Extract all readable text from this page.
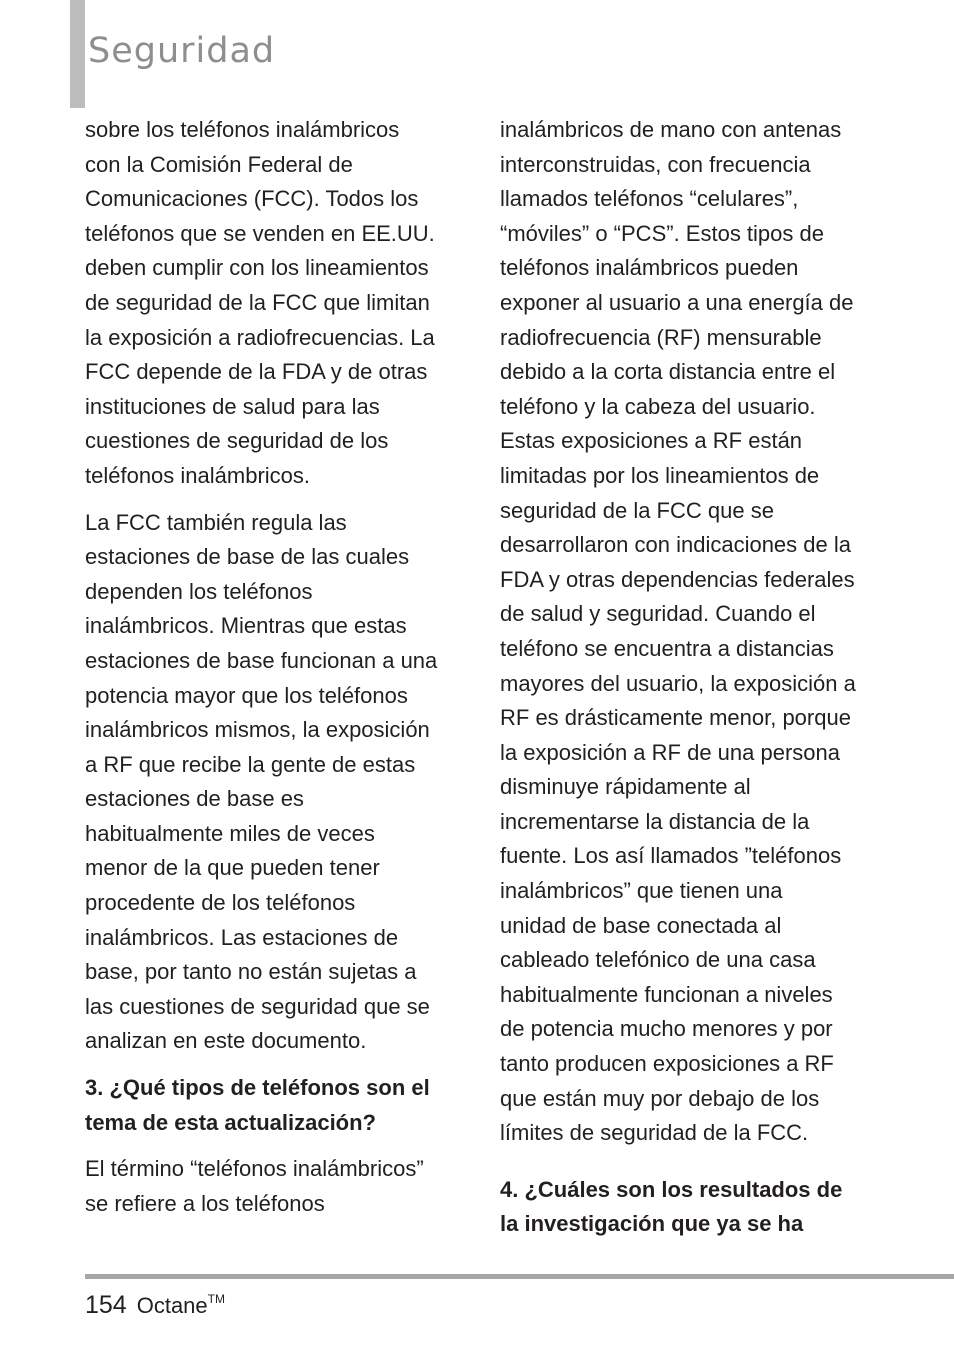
Seguridad
sobre los teléfonos inalámbricos
con la Comisión Federal de
Comunicaciones (FCC). Todos los
teléfonos que se venden en EE.UU.
deben cumplir con los lineamientos
de seguridad de la FCC que limitan
la exposición a radiofrecuencias. La
FCC depende de la FDA y de otras
instituciones de salud para las
cuestiones de seguridad de los
teléfonos inalámbricos.
La FCC también regula las
estaciones de base de las cuales
dependen los teléfonos
inalámbricos. Mientras que estas
estaciones de base funcionan a una
potencia mayor que los teléfonos
inalámbricos mismos, la exposición
a RF que recibe la gente de estas
estaciones de base es
habitualmente miles de veces
menor de la que pueden tener
procedente de los teléfonos
inalámbricos. Las estaciones de
base, por tanto no están sujetas a
las cuestiones de seguridad que se
analizan en este documento.
3. ¿Qué tipos de teléfonos son el
tema de esta actualización?
El término “teléfonos inalámbricos”
se refiere a los teléfonos
inalámbricos de mano con antenas
interconstruidas, con frecuencia
llamados teléfonos “celulares”,
“móviles” o “PCS”. Estos tipos de
teléfonos inalámbricos pueden
exponer al usuario a una energía de
radiofrecuencia (RF) mensurable
debido a la corta distancia entre el
teléfono y la cabeza del usuario.
Estas exposiciones a RF están
limitadas por los lineamientos de
seguridad de la FCC que se
desarrollaron con indicaciones de la
FDA y otras dependencias federales
de salud y seguridad. Cuando el
teléfono se encuentra a distancias
mayores del usuario, la exposición a
RF es drásticamente menor, porque
la exposición a RF de una persona
disminuye rápidamente al
incrementarse la distancia de la
fuente. Los así llamados ”teléfonos
inalámbricos” que tienen una
unidad de base conectada al
cableado telefónico de una casa
habitualmente funcionan a niveles
de potencia mucho menores y por
tanto producen exposiciones a RF
que están muy por debajo de los
límites de seguridad de la FCC.
4. ¿Cuáles son los resultados de
la investigación que ya se ha
154 Octane™
